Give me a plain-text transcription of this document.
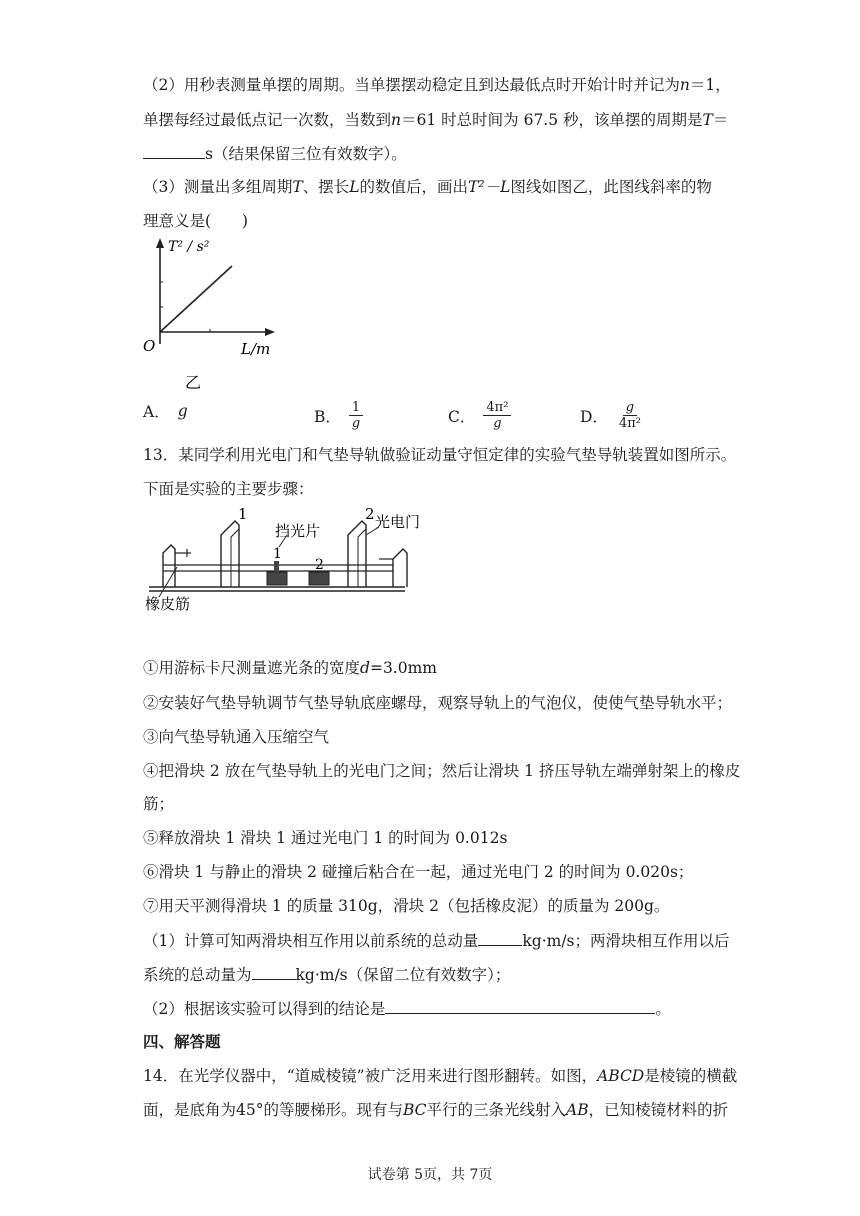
（2）用秒表测量单摆的周期。当单摆摆动稳定且到达最低点时开始计时并记为n＝1，
单摆每经过最低点记一次数，当数到n＝61 时总时间为 67.5 秒，该单摆的周期是T＝
s（结果保留三位有效数字）。
（3）测量出多组周期T、摆长L的数值后，画出T²－L图线如图乙，此图线斜率的物
理意义是(　　)
T² / s²
O	L/m
乙
A． g	B． $\frac{1}{g}$	C． $\frac{\text{4π²}}{g}$	D． $\frac{g}{\text{4π²}}$
13．某同学利用光电门和气垫导轨做验证动量守恒定律的实验气垫导轨装置如图所示。
下面是实验的主要步骤：
1	2
挡光片	光电门
1
2
橡皮筋
①用游标卡尺测量遮光条的宽度d=3.0mm
②安装好气垫导轨调节气垫导轨底座螺母，观察导轨上的气泡仪，使使气垫导轨水平；
③向气垫导轨通入压缩空气
④把滑块 2 放在气垫导轨上的光电门之间；然后让滑块 1 挤压导轨左端弹射架上的橡皮
筋；
⑤释放滑块 1 滑块 1 通过光电门 1 的时间为 0.012s
⑥滑块 1 与静止的滑块 2 碰撞后粘合在一起，通过光电门 2 的时间为 0.020s；
⑦用天平测得滑块 1 的质量 310g，滑块 2（包括橡皮泥）的质量为 200g。
（1）计算可知两滑块相互作用以前系统的总动量	kg·m/s；两滑块相互作用以后
系统的总动量为	kg·m/s（保留二位有效数字）；
（2）根据该实验可以得到的结论是	。
四、解答题
14．在光学仪器中，“道威棱镜”被广泛用来进行图形翻转。如图，ABCD是棱镜的横截
面，是底角为45°的等腰梯形。现有与BC平行的三条光线射入AB，已知棱镜材料的折
试卷第 5页，共 7页
